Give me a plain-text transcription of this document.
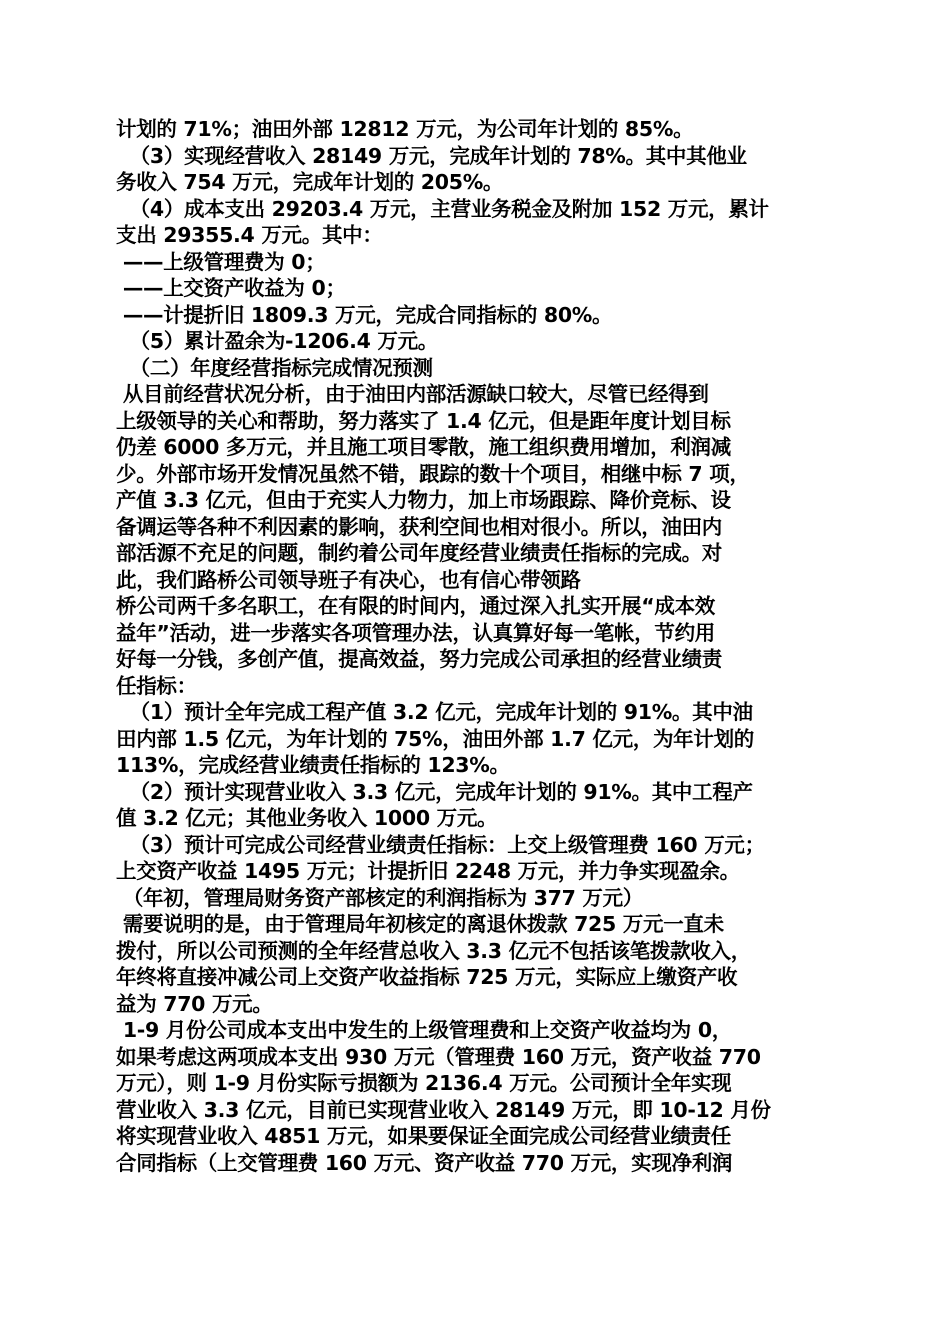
计划的 71%；油田外部 12812 万元，为公司年计划的 85%。
（3）实现经营收入 28149 万元，完成年计划的 78%。其中其他业
务收入 754 万元，完成年计划的 205%。
（4）成本支出 29203.4 万元，主营业务税金及附加 152 万元，累计
支出 29355.4 万元。其中：
——上级管理费为 0；
——上交资产收益为 0；
——计提折旧 1809.3 万元，完成合同指标的 80%。
（5）累计盈余为-1206.4 万元。
（二）年度经营指标完成情况预测
从目前经营状况分析，由于油田内部活源缺口较大，尽管已经得到
上级领导的关心和帮助，努力落实了 1.4 亿元，但是距年度计划目标
仍差 6000 多万元，并且施工项目零散，施工组织费用增加，利润减
少。外部市场开发情况虽然不错，跟踪的数十个项目，相继中标 7 项，
产值 3.3 亿元，但由于充实人力物力，加上市场跟踪、降价竞标、设
备调运等各种不利因素的影响，获利空间也相对很小。所以，油田内
部活源不充足的问题，制约着公司年度经营业绩责任指标的完成。对
此，我们路桥公司领导班子有决心，也有信心带领路
桥公司两千多名职工，在有限的时间内，通过深入扎实开展“成本效
益年”活动，进一步落实各项管理办法，认真算好每一笔帐，节约用
好每一分钱，多创产值，提高效益，努力完成公司承担的经营业绩责
任指标：
（1）预计全年完成工程产值 3.2 亿元，完成年计划的 91%。其中油
田内部 1.5 亿元，为年计划的 75%，油田外部 1.7 亿元，为年计划的
113%，完成经营业绩责任指标的 123%。
（2）预计实现营业收入 3.3 亿元，完成年计划的 91%。其中工程产
值 3.2 亿元；其他业务收入 1000 万元。
（3）预计可完成公司经营业绩责任指标：上交上级管理费 160 万元；
上交资产收益 1495 万元；计提折旧 2248 万元，并力争实现盈余。
（年初，管理局财务资产部核定的利润指标为 377 万元）
需要说明的是，由于管理局年初核定的离退休拨款 725 万元一直未
拨付，所以公司预测的全年经营总收入 3.3 亿元不包括该笔拨款收入，
年终将直接冲减公司上交资产收益指标 725 万元，实际应上缴资产收
益为 770 万元。
1-9 月份公司成本支出中发生的上级管理费和上交资产收益均为 0，
如果考虑这两项成本支出 930 万元（管理费 160 万元，资产收益 770
万元），则 1-9 月份实际亏损额为 2136.4 万元。公司预计全年实现
营业收入 3.3 亿元，目前已实现营业收入 28149 万元，即 10-12 月份
将实现营业收入 4851 万元，如果要保证全面完成公司经营业绩责任
合同指标（上交管理费 160 万元、资产收益 770 万元，实现净利润
